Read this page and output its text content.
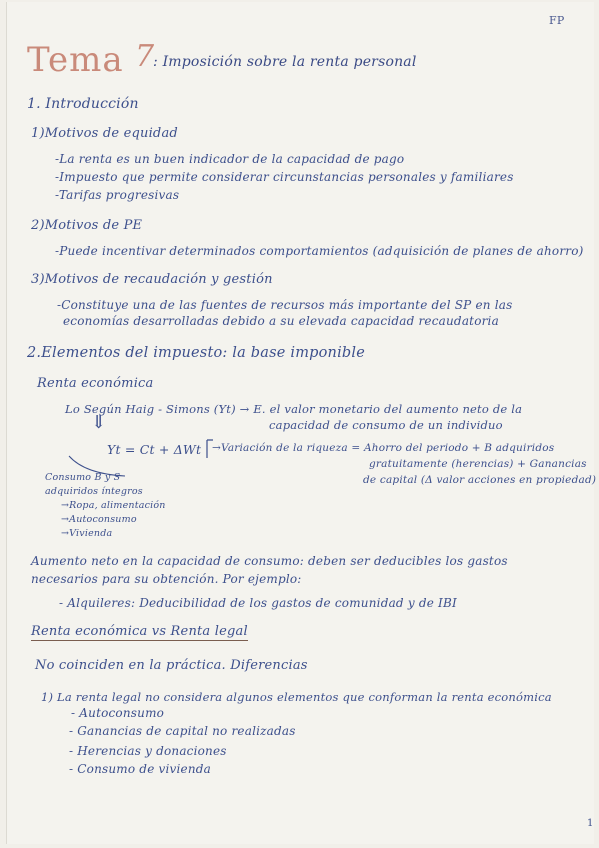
FP
Tema 7
: Imposición sobre la renta personal
1. Introducción
1)Motivos de equidad
-La renta es un buen indicador de la capacidad de pago
-Impuesto que permite considerar circunstancias personales y familiares
-Tarifas progresivas
2)Motivos de PE
-Puede incentivar determinados comportamientos (adquisición de planes de ahorro)
3)Motivos de recaudación y gestión
-Constituye una de las fuentes de recursos más importante del SP en las
economías desarrolladas debido a su elevada capacidad recaudatoria
2.Elementos del impuesto: la base imponible
Renta económica
Lo Según Haig - Simons (Yt) → E. el valor monetario del aumento neto de la
capacidad de consumo de un individuo
⇓
Yt = Ct + ΔWt →Variación de la riqueza = Ahorro del periodo + B adquiridos
gratuitamente (herencias) + Ganancias
de capital (Δ valor acciones en propiedad)
Consumo B y S
adquiridos íntegros
→Ropa, alimentación
→Autoconsumo
→Vivienda
Aumento neto en la capacidad de consumo: deben ser deducibles los gastos
necesarios para su obtención. Por ejemplo:
- Alquileres: Deducibilidad de los gastos de comunidad y de IBI
Renta económica vs Renta legal
No coinciden en la práctica. Diferencias
1) La renta legal no considera algunos elementos que conforman la renta económica
- Autoconsumo
- Ganancias de capital no realizadas
- Herencias y donaciones
- Consumo de vivienda
1
